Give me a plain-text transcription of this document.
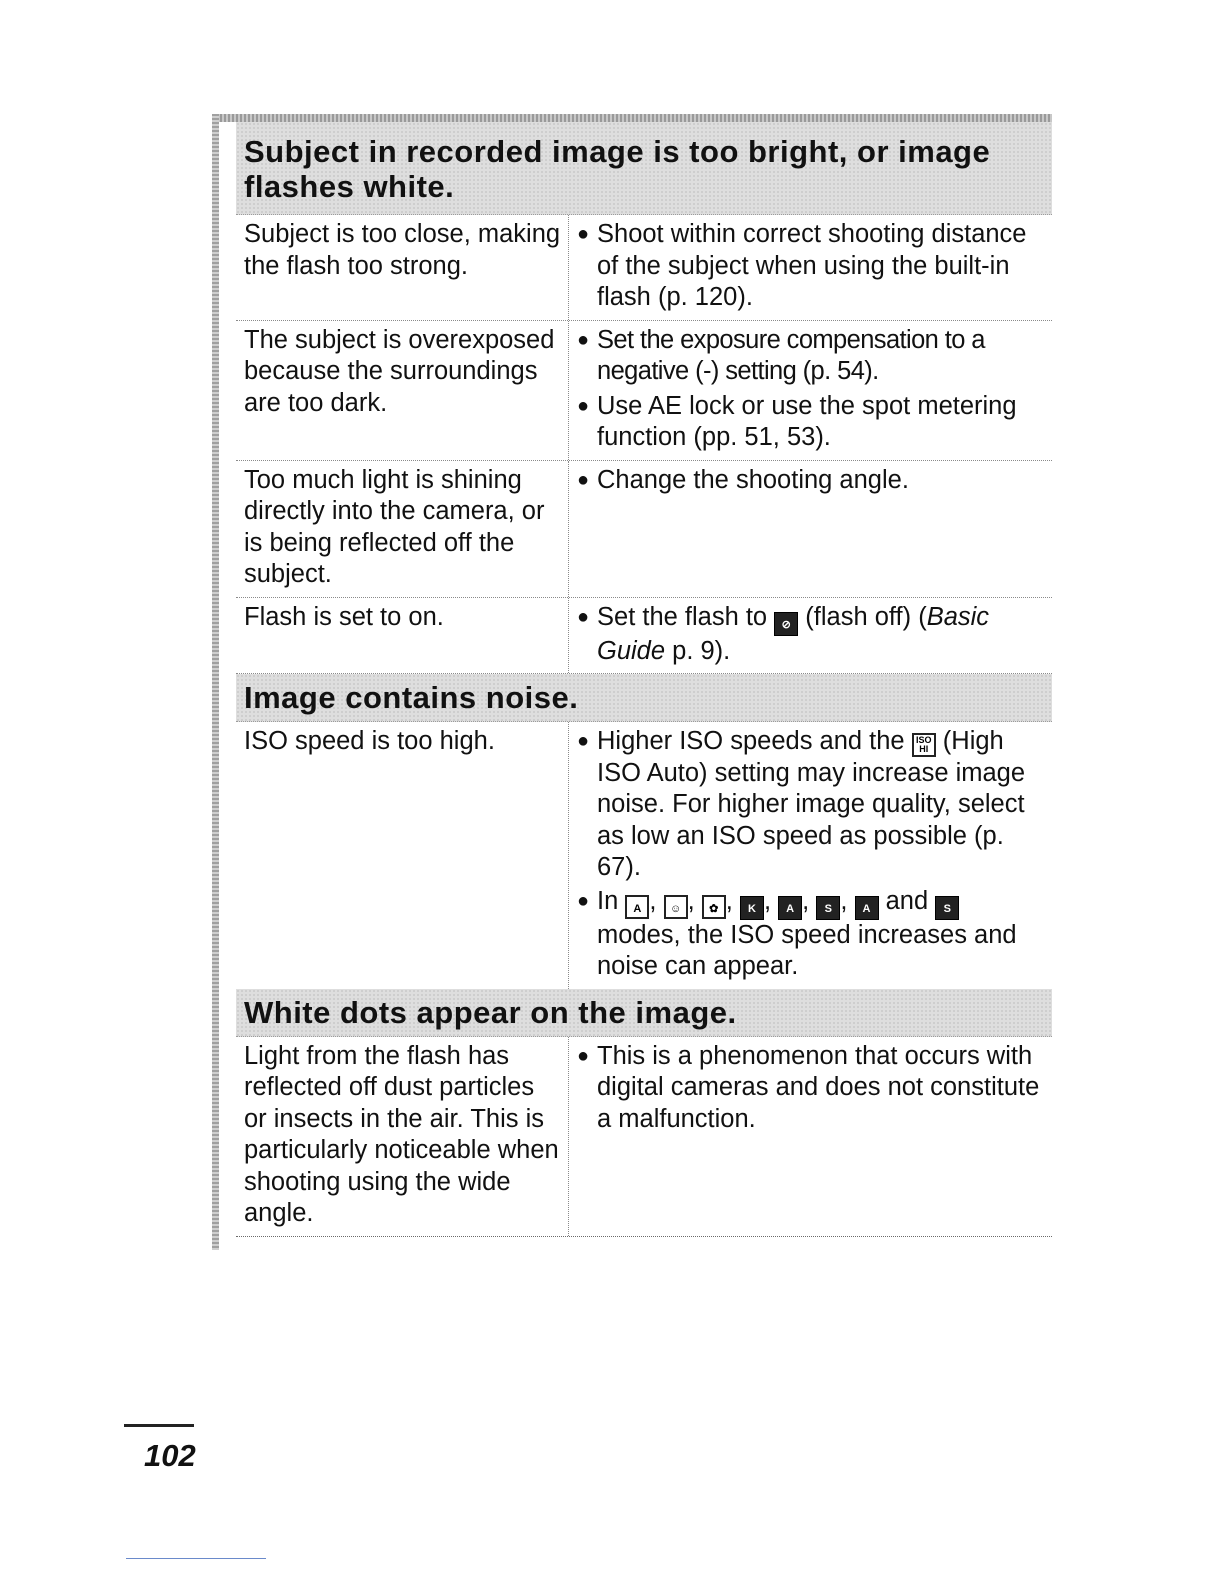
Subject in recorded image is too bright, or image flashes white.
Subject is too close, making the flash too strong.
● Shoot within correct shooting distance of the subject when using the built-in flash (p. 120).
The subject is overexposed because the surroundings are too dark.
● Set the exposure compensation to a negative (-) setting (p. 54).
● Use AE lock or use the spot metering function (pp. 51, 53).
Too much light is shining directly into the camera, or is being reflected off the subject.
● Change the shooting angle.
Flash is set to on.	● Set the flash to ⊘ (flash off) (Basic Guide p. 9).
Image contains noise.
ISO speed is too high.	● Higher ISO speeds and the ISO
HI (High ISO Auto) setting may increase image noise. For higher image quality, select as low an ISO speed as possible (p. 67).
● In A , ☺ , ✿ , K , A , S , A and S modes, the ISO speed increases and noise can appear.
White dots appear on the image.
Light from the flash has reflected off dust particles or insects in the air. This is particularly noticeable when shooting using the wide angle.
● This is a phenomenon that occurs with digital cameras and does not constitute a malfunction.
102
